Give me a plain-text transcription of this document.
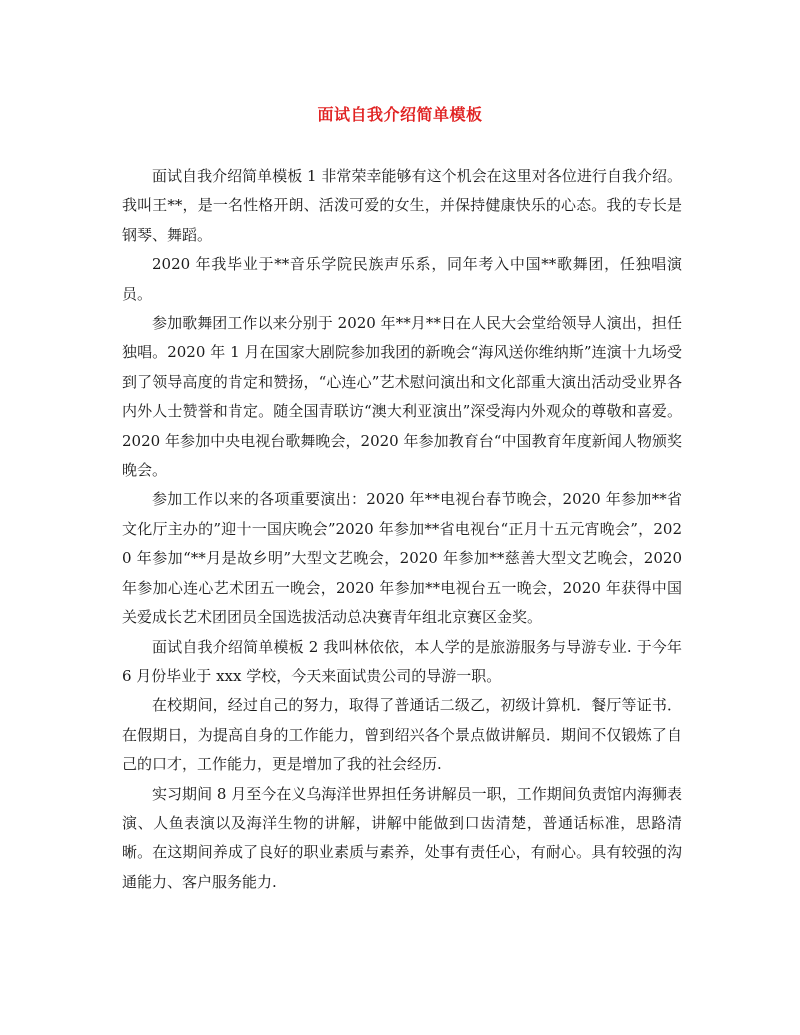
面试自我介绍简单模板

面试自我介绍简单模板 1 非常荣幸能够有这个机会在这里对各位进行自我介绍。我叫王**，是一名性格开朗、活泼可爱的女生，并保持健康快乐的心态。我的专长是钢琴、舞蹈。

2020 年我毕业于**音乐学院民族声乐系，同年考入中国**歌舞团，任独唱演员。

参加歌舞团工作以来分别于 2020 年**月**日在人民大会堂给领导人演出，担任独唱。2020 年 1 月在国家大剧院参加我团的新晚会“海风送你维纳斯”连演十九场受到了领导高度的肯定和赞扬，“心连心”艺术慰问演出和文化部重大演出活动受业界各内外人士赞誉和肯定。随全国青联访“澳大利亚演出”深受海内外观众的尊敬和喜爱。2020 年参加中央电视台歌舞晚会，2020 年参加教育台“中国教育年度新闻人物颁奖晚会。

参加工作以来的各项重要演出：2020 年**电视台春节晚会，2020 年参加**省文化厅主办的”迎十一国庆晚会”2020 年参加**省电视台“正月十五元宵晚会”，2020 年参加“**月是故乡明”大型文艺晚会，2020 年参加**慈善大型文艺晚会，2020 年参加心连心艺术团五一晚会，2020 年参加**电视台五一晚会，2020 年获得中国关爱成长艺术团团员全国选拔活动总决赛青年组北京赛区金奖。

面试自我介绍简单模板 2 我叫林依依，本人学的是旅游服务与导游专业. 于今年 6 月份毕业于 xxx 学校，今天来面试贵公司的导游一职。

在校期间，经过自己的努力，取得了普通话二级乙，初级计算机．餐厅等证书．在假期日，为提高自身的工作能力，曾到绍兴各个景点做讲解员．期间不仅锻炼了自己的口才，工作能力，更是增加了我的社会经历.

实习期间 8 月至今在义乌海洋世界担任务讲解员一职，工作期间负责馆内海狮表演、人鱼表演以及海洋生物的讲解，讲解中能做到口齿清楚，普通话标准，思路清晰。在这期间养成了良好的职业素质与素养，处事有责任心，有耐心。具有较强的沟通能力、客户服务能力.
